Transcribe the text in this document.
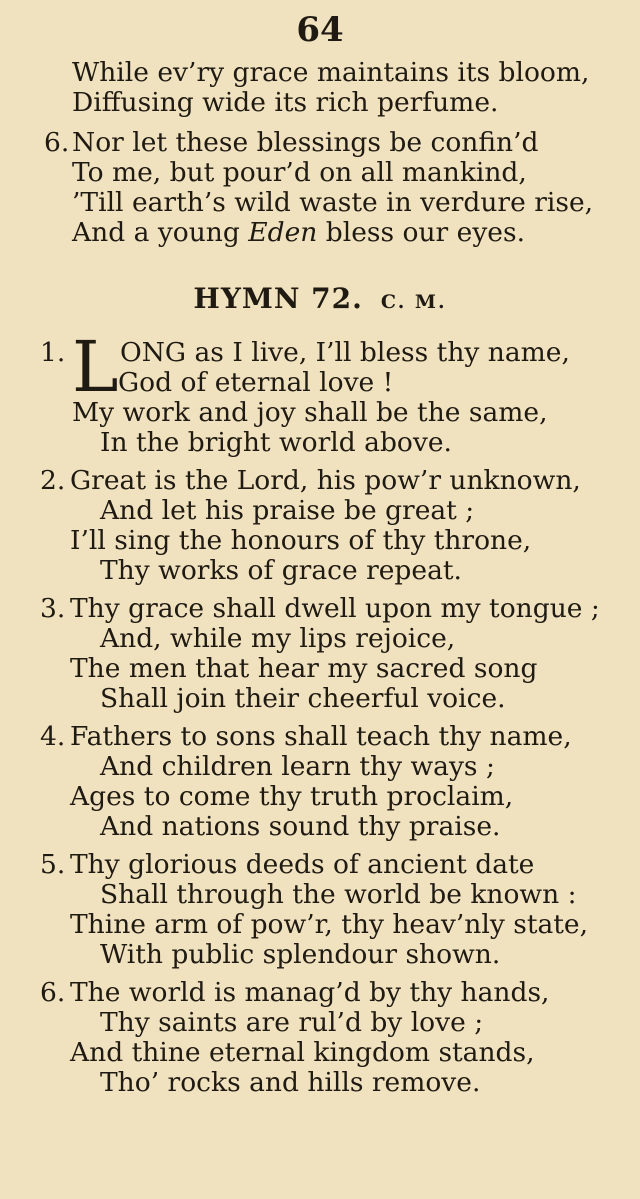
64
While ev’ry grace maintains its bloom,
Diffusing wide its rich perfume.
6. Nor let these blessings be confin’d
To me, but pour’d on all mankind,
’Till earth’s wild waste in verdure rise,
And a young Eden bless our eyes.
HYMN 72. C. M.
1. L ONG as I live, I’ll bless thy name,
God of eternal love !
My work and joy shall be the same,
In the bright world above.
2. Great is the Lord, his pow’r unknown,
And let his praise be great ;
I’ll sing the honours of thy throne,
Thy works of grace repeat.
3. Thy grace shall dwell upon my tongue ;
And, while my lips rejoice,
The men that hear my sacred song
Shall join their cheerful voice.
4. Fathers to sons shall teach thy name,
And children learn thy ways ;
Ages to come thy truth proclaim,
And nations sound thy praise.
5. Thy glorious deeds of ancient date
Shall through the world be known :
Thine arm of pow’r, thy heav’nly state,
With public splendour shown.
6. The world is manag’d by thy hands,
Thy saints are rul’d by love ;
And thine eternal kingdom stands,
Tho’ rocks and hills remove.
